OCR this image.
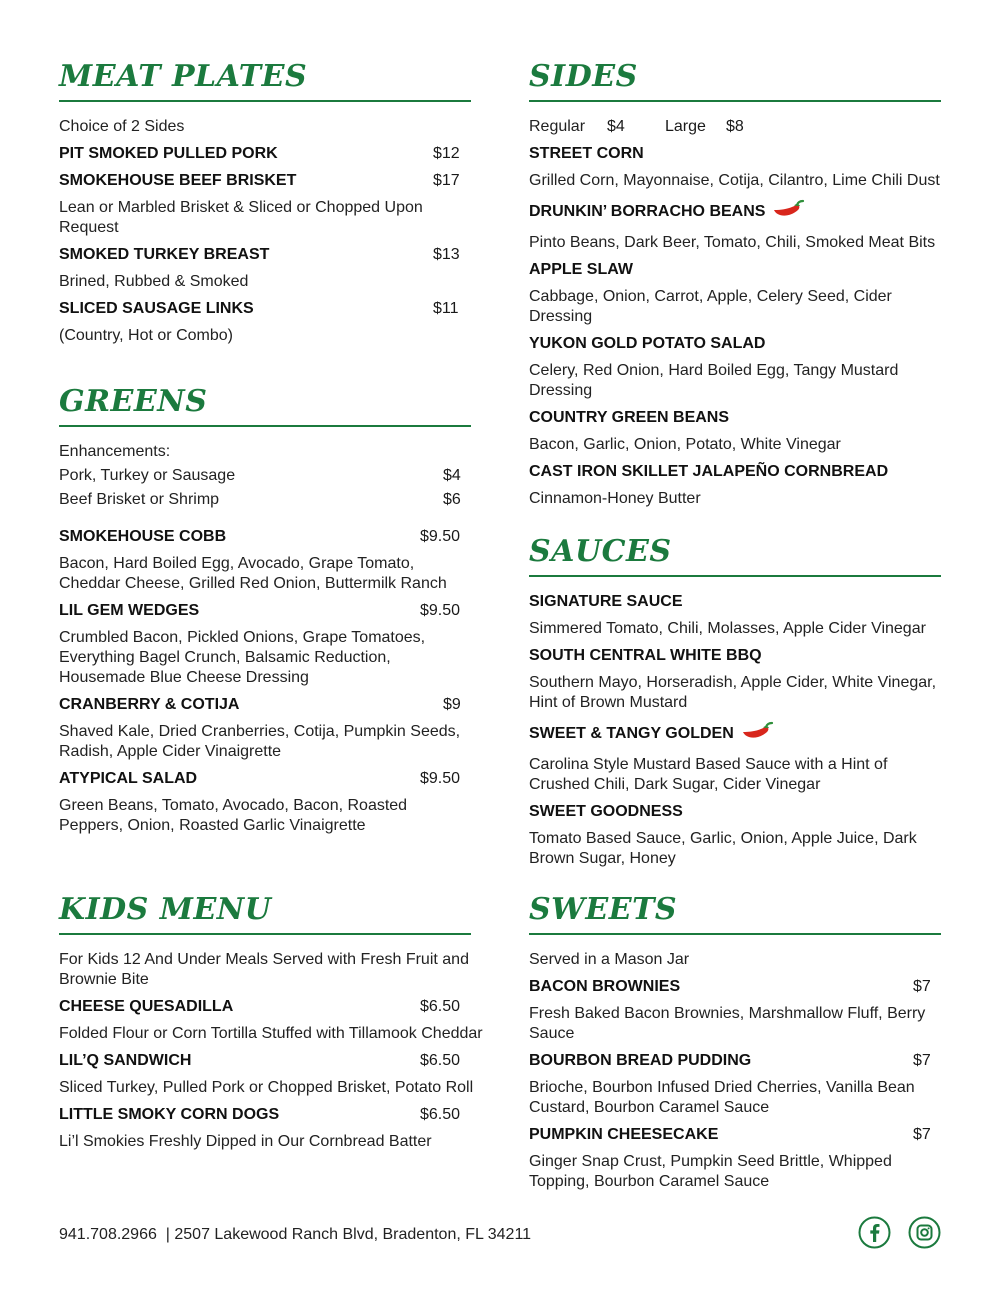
MEAT PLATES
Choice of 2 Sides
PIT SMOKED PULLED PORK	$12
SMOKEHOUSE BEEF BRISKET	$17
Lean or Marbled Brisket & Sliced or Chopped Upon Request
SMOKED TURKEY BREAST	$13
Brined, Rubbed & Smoked
SLICED SAUSAGE LINKS	$11
(Country, Hot or Combo)
GREENS
Enhancements:
Pork, Turkey or Sausage	$4
Beef Brisket or Shrimp	$6
SMOKEHOUSE COBB	$9.50
Bacon, Hard Boiled Egg, Avocado, Grape Tomato, Cheddar Cheese, Grilled Red Onion, Buttermilk Ranch
LIL GEM WEDGES	$9.50
Crumbled Bacon, Pickled Onions, Grape Tomatoes, Everything Bagel Crunch, Balsamic Reduction, Housemade Blue Cheese Dressing
CRANBERRY & COTIJA	$9
Shaved Kale, Dried Cranberries, Cotija, Pumpkin Seeds, Radish, Apple Cider Vinaigrette
ATYPICAL SALAD	$9.50
Green Beans, Tomato, Avocado, Bacon, Roasted Peppers, Onion, Roasted Garlic Vinaigrette
KIDS MENU
For Kids 12 And Under Meals Served with Fresh Fruit and Brownie Bite
CHEESE QUESADILLA	$6.50
Folded Flour or Corn Tortilla Stuffed with Tillamook Cheddar
LIL’Q SANDWICH	$6.50
Sliced Turkey, Pulled Pork or Chopped Brisket, Potato Roll
LITTLE SMOKY CORN DOGS	$6.50
Li’l Smokies Freshly Dipped in Our Cornbread Batter
SIDES
Regular $4	Large $8
STREET CORN
Grilled Corn, Mayonnaise, Cotija, Cilantro, Lime Chili Dust
DRUNKIN’ BORRACHO BEANS
Pinto Beans, Dark Beer, Tomato, Chili, Smoked Meat Bits
APPLE SLAW
Cabbage, Onion, Carrot, Apple, Celery Seed, Cider Dressing
YUKON GOLD POTATO SALAD
Celery, Red Onion, Hard Boiled Egg, Tangy Mustard Dressing
COUNTRY GREEN BEANS
Bacon, Garlic, Onion, Potato, White Vinegar
CAST IRON SKILLET JALAPEÑO CORNBREAD
Cinnamon-Honey Butter
SAUCES
SIGNATURE SAUCE
Simmered Tomato, Chili, Molasses, Apple Cider Vinegar
SOUTH CENTRAL WHITE BBQ
Southern Mayo, Horseradish, Apple Cider, White Vinegar, Hint of Brown Mustard
SWEET & TANGY GOLDEN
Carolina Style Mustard Based Sauce with a Hint of Crushed Chili, Dark Sugar, Cider Vinegar
SWEET GOODNESS
Tomato Based Sauce, Garlic, Onion, Apple Juice, Dark Brown Sugar, Honey
SWEETS
Served in a Mason Jar
BACON BROWNIES	$7
Fresh Baked Bacon Brownies, Marshmallow Fluff, Berry Sauce
BOURBON BREAD PUDDING	$7
Brioche, Bourbon Infused Dried Cherries, Vanilla Bean Custard, Bourbon Caramel Sauce
PUMPKIN CHEESECAKE	$7
Ginger Snap Crust, Pumpkin Seed Brittle, Whipped Topping, Bourbon Caramel Sauce
941.708.2966  | 2507 Lakewood Ranch Blvd, Bradenton, FL 34211
